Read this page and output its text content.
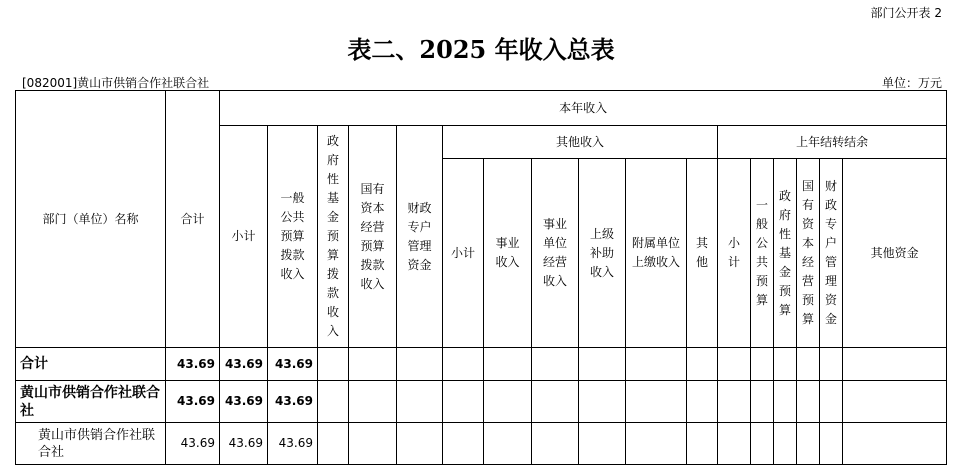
部门公开表 2
表二、2025 年收入总表
[082001]黄山市供销合作社联合社	单位：万元
部门（单位）名称	合计	本年收入																
		小计	一般公共预算拨款收入	政府性基金预算拨款收入	国有资本经营预算拨款收入	财政专户管理资金	其他收入						上年结转结余					
							小计	事业收入	事业单位经营收入	上级补助收入	附属单位上缴收入	其他	小计	一般公共预算	政府性基金预算	国有资本经营预算	财政专户管理资金	其他资金
合计	43.69	43.69	43.69															
黄山市供销合作社联合社	43.69	43.69	43.69															
黄山市供销合作社联合社	43.69	43.69	43.69															
